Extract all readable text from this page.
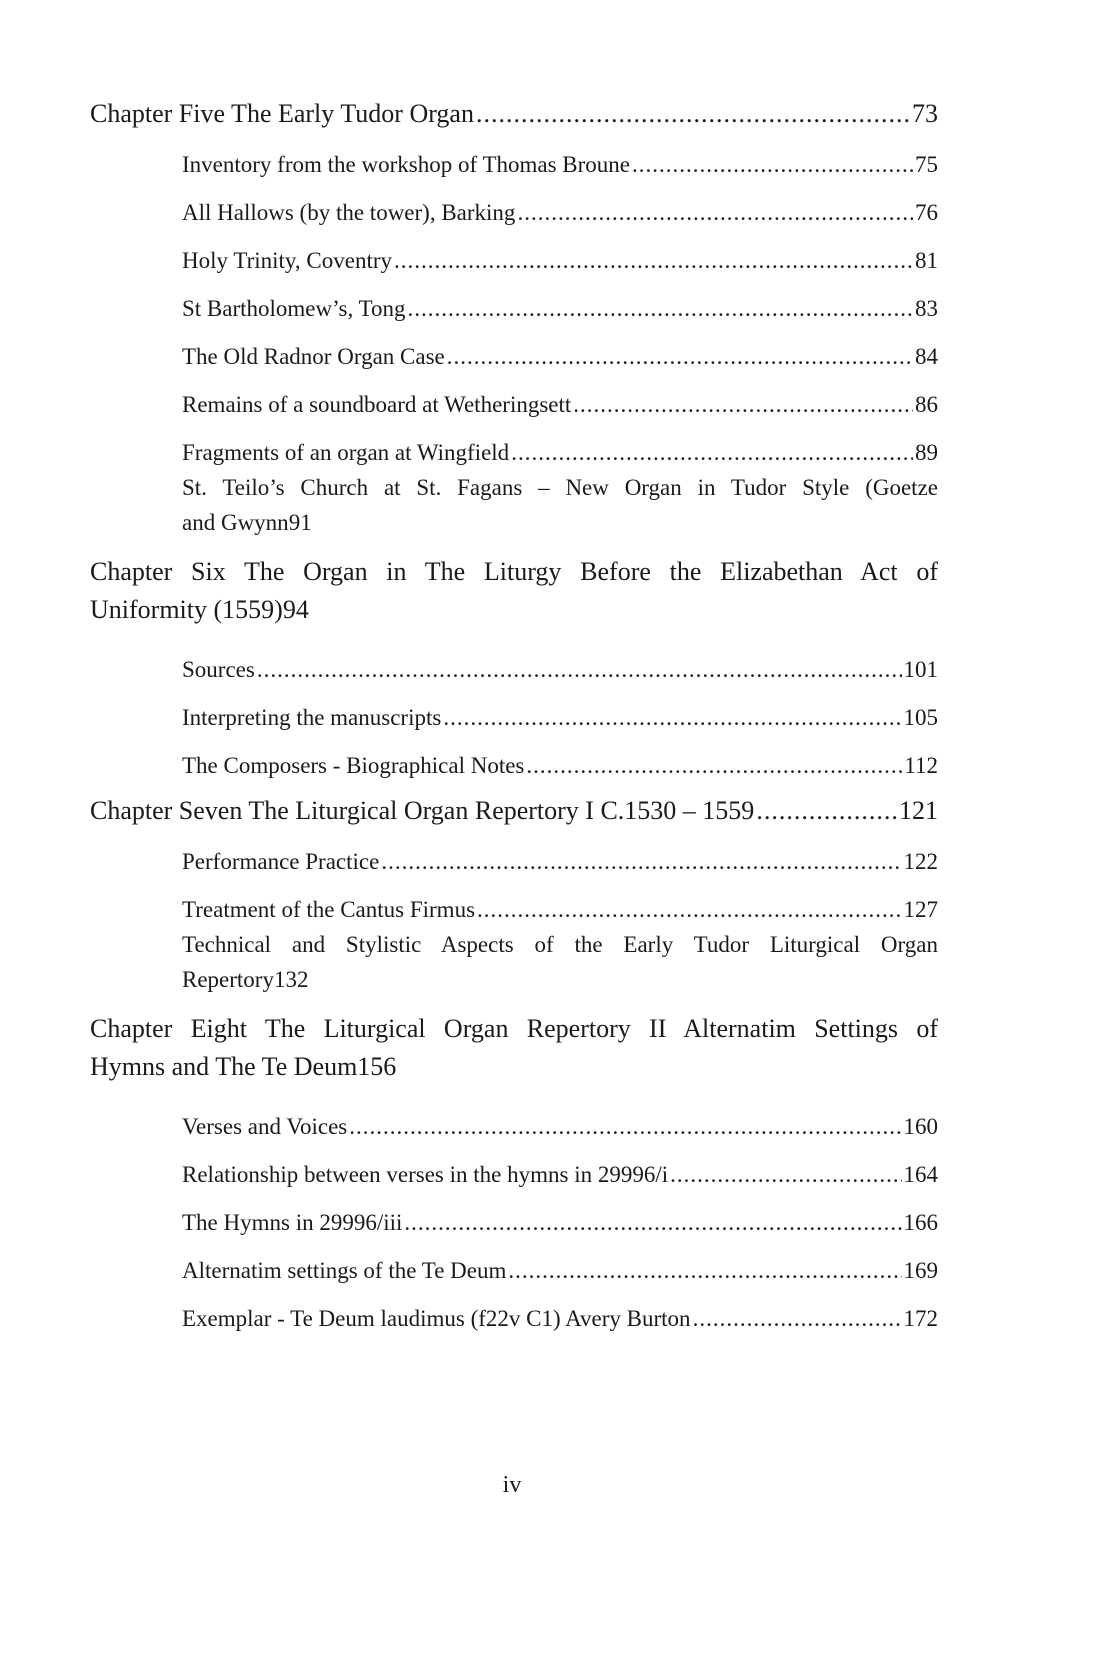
Chapter Five The Early Tudor Organ .....	73
Inventory from the workshop of Thomas Broune .....	75
All Hallows (by the tower), Barking .....	76
Holy Trinity, Coventry .....	81
St Bartholomew’s, Tong .....	83
The Old Radnor Organ Case .....	84
Remains of a soundboard at Wetheringsett .....	86
Fragments of an organ at Wingfield .....	89
St. Teilo’s Church at St. Fagans – New Organ in Tudor Style (Goetze
and Gwynn 91
Chapter Six The Organ in The Liturgy Before the Elizabethan Act of
Uniformity (1559) 94
Sources .....	101
Interpreting the manuscripts .....	105
The Composers - Biographical Notes .....	112
Chapter Seven The Liturgical Organ Repertory I C.1530 – 1559 .....	121
Performance Practice .....	122
Treatment of the Cantus Firmus .....	127
Technical and Stylistic Aspects of the Early Tudor Liturgical Organ
Repertory 132
Chapter Eight The Liturgical Organ Repertory II Alternatim Settings of
Hymns and The Te Deum 156
Verses and Voices .....	160
Relationship between verses in the hymns in 29996/i .....	164
The Hymns in 29996/iii .....	166
Alternatim settings of the Te Deum .....	169
Exemplar - Te Deum laudimus (f22v C1) Avery Burton .....	172
iv
